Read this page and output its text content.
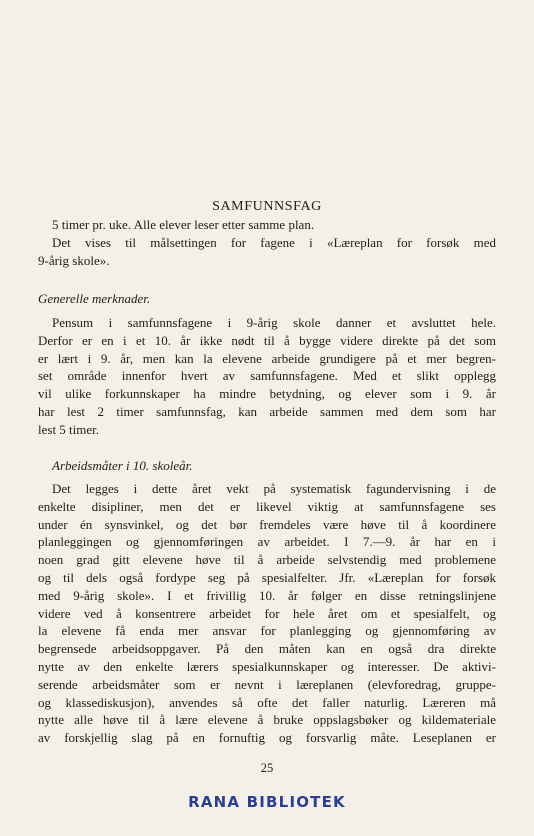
SAMFUNNSFAG
5 timer pr. uke. Alle elever leser etter samme plan.
Det vises til målsettingen for fagene i «Læreplan for forsøk med
9-årig skole».
Generelle merknader.
Pensum i samfunnsfagene i 9-årig skole danner et avsluttet hele.
Derfor er en i et 10. år ikke nødt til å bygge videre direkte på det som
er lært i 9. år, men kan la elevene arbeide grundigere på et mer begren-
set område innenfor hvert av samfunnsfagene. Med et slikt opplegg
vil ulike forkunnskaper ha mindre betydning, og elever som i 9. år
har lest 2 timer samfunnsfag, kan arbeide sammen med dem som har
lest 5 timer.
Arbeidsmåter i 10. skoleår.
Det legges i dette året vekt på systematisk fagundervisning i de
enkelte disipliner, men det er likevel viktig at samfunnsfagene ses
under én synsvinkel, og det bør fremdeles være høve til å koordinere
planleggingen og gjennomføringen av arbeidet. I 7.—9. år har en i
noen grad gitt elevene høve til å arbeide selvstendig med problemene
og til dels også fordype seg på spesialfelter. Jfr. «Læreplan for forsøk
med 9-årig skole». I et frivillig 10. år følger en disse retningslinjene
videre ved å konsentrere arbeidet for hele året om et spesialfelt, og
la elevene få enda mer ansvar for planlegging og gjennomføring av
begrensede arbeidsoppgaver. På den måten kan en også dra direkte
nytte av den enkelte lærers spesialkunnskaper og interesser. De aktivi-
serende arbeidsmåter som er nevnt i læreplanen (elevforedrag, gruppe-
og klassediskusjon), anvendes så ofte det faller naturlig. Læreren må
nytte alle høve til å lære elevene å bruke oppslagsbøker og kildemateriale
av forskjellig slag på en fornuftig og forsvarlig måte. Leseplanen er
25
RANA BIBLIOTEK
